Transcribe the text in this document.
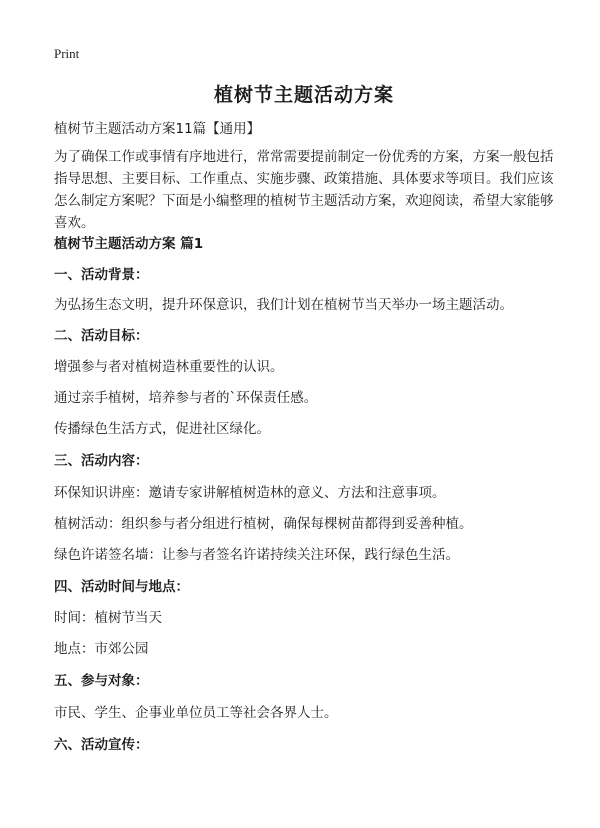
Print
植树节主题活动方案
植树节主题活动方案11篇【通用】
为了确保工作或事情有序地进行，常常需要提前制定一份优秀的方案，方案一般包括指导思想、主要目标、工作重点、实施步骤、政策措施、具体要求等项目。我们应该怎么制定方案呢？下面是小编整理的植树节主题活动方案，欢迎阅读，希望大家能够喜欢。
植树节主题活动方案 篇1
一、活动背景：
为弘扬生态文明，提升环保意识，我们计划在植树节当天举办一场主题活动。
二、活动目标：
增强参与者对植树造林重要性的认识。
通过亲手植树，培养参与者的`环保责任感。
传播绿色生活方式，促进社区绿化。
三、活动内容：
环保知识讲座：邀请专家讲解植树造林的意义、方法和注意事项。
植树活动：组织参与者分组进行植树，确保每棵树苗都得到妥善种植。
绿色许诺签名墙：让参与者签名许诺持续关注环保，践行绿色生活。
四、活动时间与地点：
时间：植树节当天
地点：市郊公园
五、参与对象：
市民、学生、企事业单位员工等社会各界人士。
六、活动宣传：
